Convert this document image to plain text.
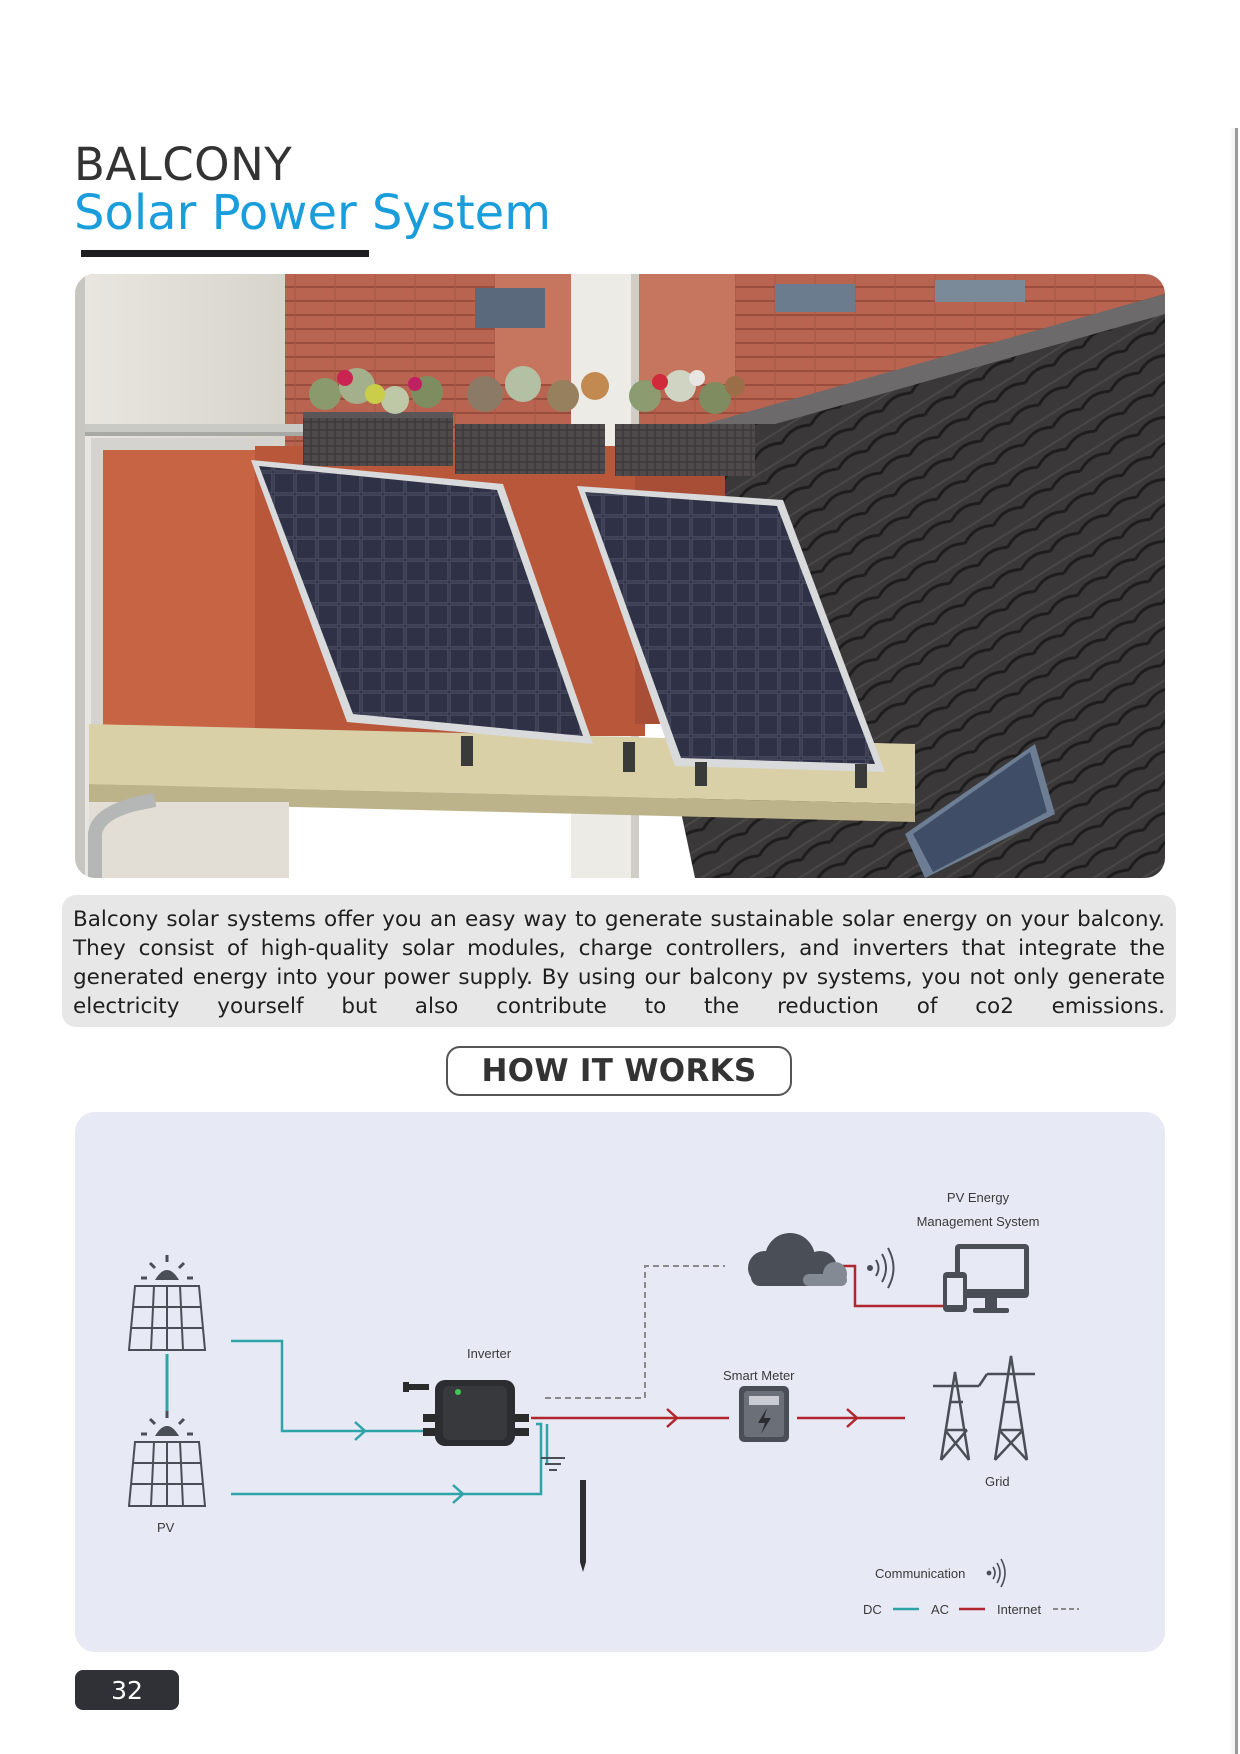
BALCONY
Solar Power System

Balcony solar systems offer you an easy way to generate sustainable solar energy on your balcony. They consist of high-quality solar modules, charge controllers, and inverters that integrate the generated energy into your power supply. By using our balcony pv systems, you not only generate electricity yourself but also contribute to the reduction of co2 emissions.

HOW IT WORKS
PV
Inverter
Smart Meter
Grid
PV Energy
Management System
Communication
DC	AC	Internet
32
